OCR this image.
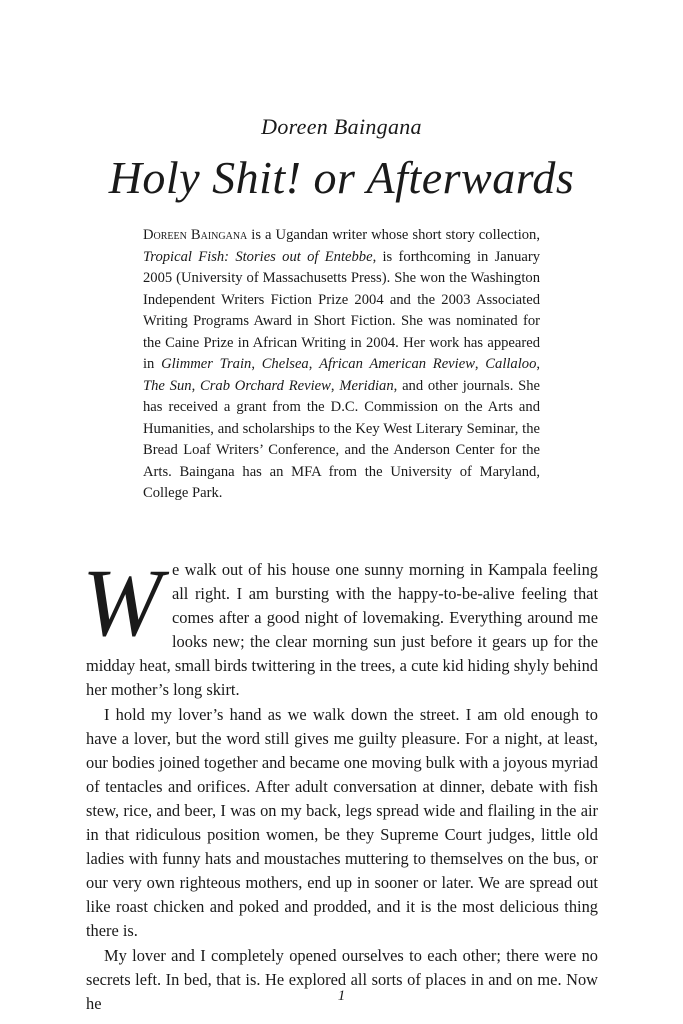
Doreen Baingana
Holy Shit! or Afterwards
Doreen Baingana is a Ugandan writer whose short story collection, Tropical Fish: Stories out of Entebbe, is forthcoming in January 2005 (University of Massachusetts Press). She won the Washington Independent Writers Fiction Prize 2004 and the 2003 Associated Writing Programs Award in Short Fiction. She was nominated for the Caine Prize in African Writing in 2004. Her work has appeared in Glimmer Train, Chelsea, African American Review, Callaloo, The Sun, Crab Orchard Review, Meridian, and other journals. She has received a grant from the D.C. Commission on the Arts and Humanities, and scholarships to the Key West Literary Seminar, the Bread Loaf Writers’ Conference, and the Anderson Center for the Arts. Baingana has an MFA from the University of Maryland, College Park.

We walk out of his house one sunny morning in Kampala feeling all right. I am bursting with the happy-to-be-alive feeling that comes after a good night of lovemaking. Everything around me looks new; the clear morning sun just before it gears up for the midday heat, small birds twittering in the trees, a cute kid hiding shyly behind her mother’s long skirt.

I hold my lover’s hand as we walk down the street. I am old enough to have a lover, but the word still gives me guilty pleasure. For a night, at least, our bodies joined together and became one moving bulk with a joyous myriad of tentacles and orifices. After adult conversation at dinner, debate with fish stew, rice, and beer, I was on my back, legs spread wide and flailing in the air in that ridiculous position women, be they Supreme Court judges, little old ladies with funny hats and moustaches muttering to themselves on the bus, or our very own righteous mothers, end up in sooner or later. We are spread out like roast chicken and poked and prodded, and it is the most delicious thing there is.

My lover and I completely opened ourselves to each other; there were no secrets left. In bed, that is. He explored all sorts of places in and on me. Now he	1
